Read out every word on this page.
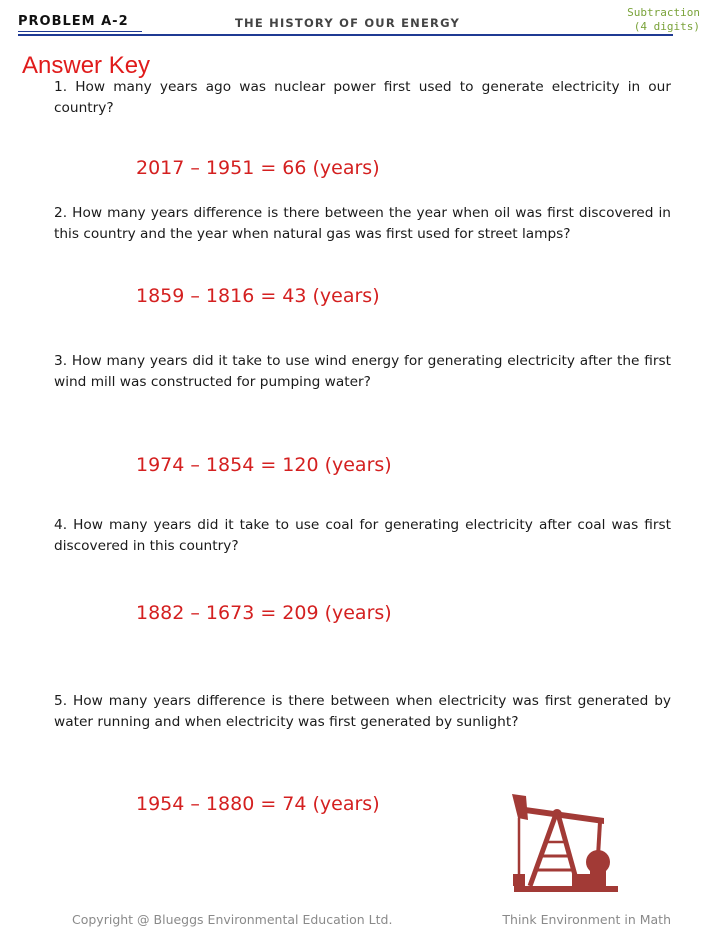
PROBLEM A-2	THE HISTORY OF OUR ENERGY
Subtraction
(4 digits)
Answer Key
1. How many years ago was nuclear power first used to generate electricity in our country?
2017 – 1951 = 66 (years)
2. How many years difference is there between the year when oil was first discovered in this country and the year when natural gas was first used for street lamps?
1859 – 1816 = 43 (years)
3. How many years did it take to use wind energy for generating electricity after the first wind mill was constructed for pumping water?
1974 – 1854 = 120 (years)
4. How many years did it take to use coal for generating electricity after coal was first discovered in this country?
1882 – 1673 = 209 (years)
5. How many years difference is there between when electricity was first generated by water running and when electricity was first generated by sunlight?
1954 – 1880 = 74 (years)
Copyright @ Blueggs Environmental Education Ltd.	Think Environment in Math
